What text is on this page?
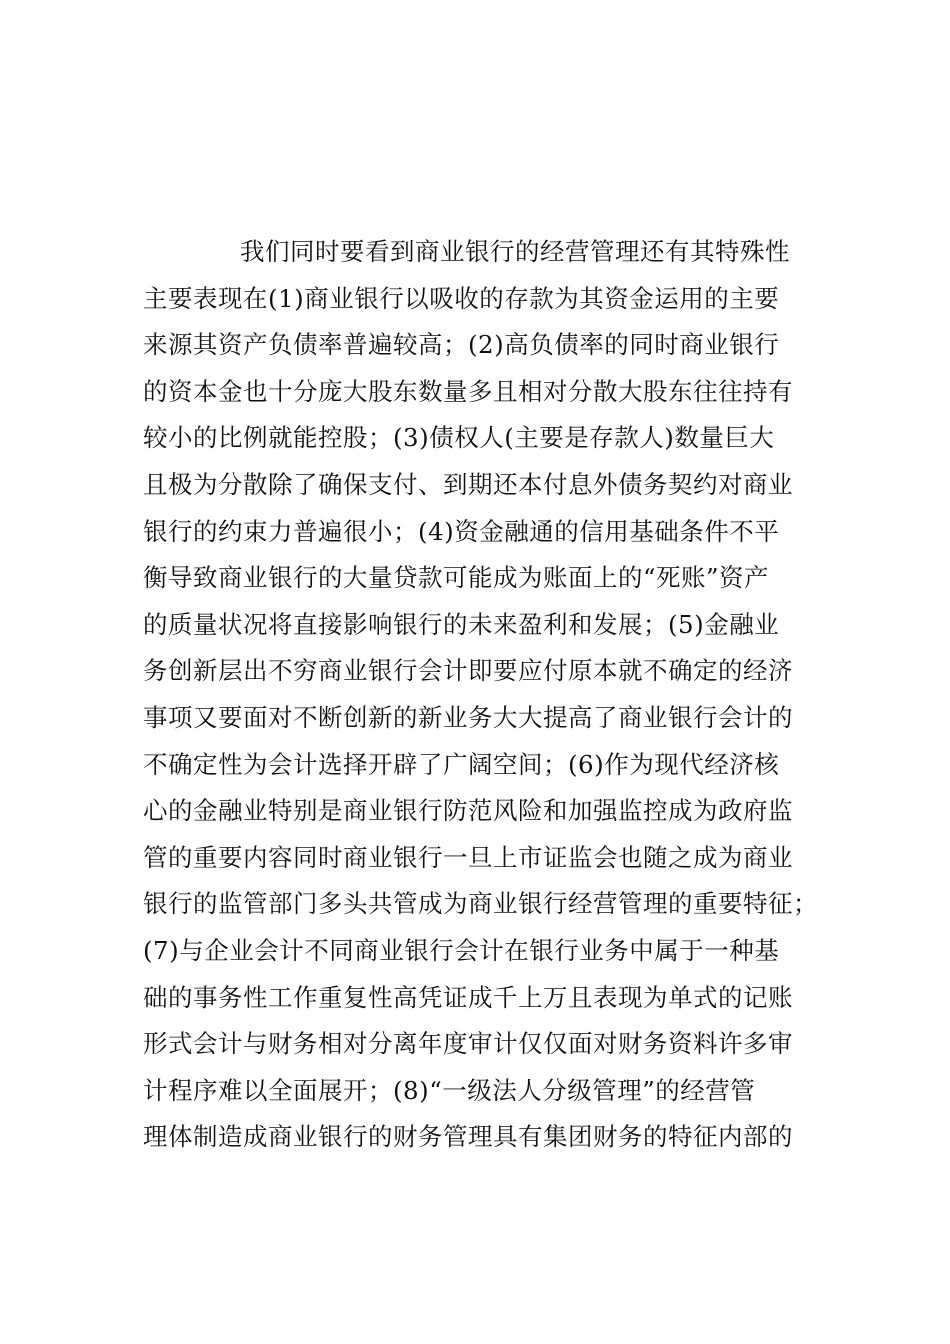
我们同时要看到商业银行的经营管理还有其特殊性
主要表现在(1)商业银行以吸收的存款为其资金运用的主要
来源其资产负债率普遍较高；(2)高负债率的同时商业银行
的资本金也十分庞大股东数量多且相对分散大股东往往持有
较小的比例就能控股；(3)债权人(主要是存款人)数量巨大
且极为分散除了确保支付、到期还本付息外债务契约对商业
银行的约束力普遍很小；(4)资金融通的信用基础条件不平
衡导致商业银行的大量贷款可能成为账面上的“死账”资产
的质量状况将直接影响银行的未来盈利和发展；(5)金融业
务创新层出不穷商业银行会计即要应付原本就不确定的经济
事项又要面对不断创新的新业务大大提高了商业银行会计的
不确定性为会计选择开辟了广阔空间；(6)作为现代经济核
心的金融业特别是商业银行防范风险和加强监控成为政府监
管的重要内容同时商业银行一旦上市证监会也随之成为商业
银行的监管部门多头共管成为商业银行经营管理的重要特征；
(7)与企业会计不同商业银行会计在银行业务中属于一种基
础的事务性工作重复性高凭证成千上万且表现为单式的记账
形式会计与财务相对分离年度审计仅仅面对财务资料许多审
计程序难以全面展开；(8)“一级法人分级管理”的经营管
理体制造成商业银行的财务管理具有集团财务的特征内部的
